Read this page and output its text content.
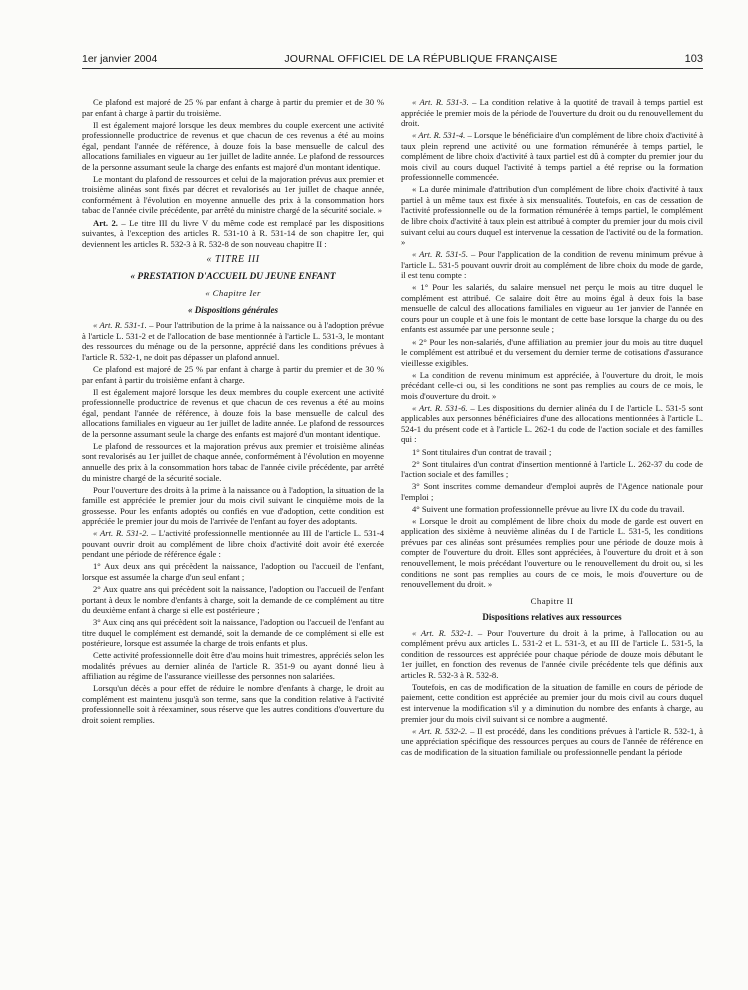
1er janvier 2004	JOURNAL OFFICIEL DE LA RÉPUBLIQUE FRANÇAISE	103

Ce plafond est majoré de 25 % par enfant à charge à partir du premier et de 30 % par enfant à charge à partir du troisième.

Il est également majoré lorsque les deux membres du couple exercent une activité professionnelle productrice de revenus et que chacun de ces revenus a été au moins égal, pendant l'année de référence, à douze fois la base mensuelle de calcul des allocations familiales en vigueur au 1er juillet de ladite année. Le plafond de ressources de la personne assumant seule la charge des enfants est majoré d'un montant identique.

Le montant du plafond de ressources et celui de la majoration prévus aux premier et troisième alinéas sont fixés par décret et revalorisés au 1er juillet de chaque année, conformément à l'évolution en moyenne annuelle des prix à la consommation hors tabac de l'année civile précédente, par arrêté du ministre chargé de la sécurité sociale. »

Art. 2. – Le titre III du livre V du même code est remplacé par les dispositions suivantes, à l'exception des articles R. 531-10 à R. 531-14 de son chapitre Ier, qui deviennent les articles R. 532-3 à R. 532-8 de son nouveau chapitre II :

« TITRE III

« PRESTATION D'ACCUEIL DU JEUNE ENFANT

« Chapitre Ier

« Dispositions générales

« Art. R. 531-1. – Pour l'attribution de la prime à la naissance ou à l'adoption prévue à l'article L. 531-2 et de l'allocation de base mentionnée à l'article L. 531-3, le montant des ressources du ménage ou de la personne, apprécié dans les conditions prévues à l'article R. 532-1, ne doit pas dépasser un plafond annuel.

Ce plafond est majoré de 25 % par enfant à charge à partir du premier et de 30 % par enfant à partir du troisième enfant à charge.

Il est également majoré lorsque les deux membres du couple exercent une activité professionnelle productrice de revenus et que chacun de ces revenus a été au moins égal, pendant l'année de référence, à douze fois la base mensuelle de calcul des allocations familiales en vigueur au 1er juillet de ladite année. Le plafond de ressources de la personne assumant seule la charge des enfants est majoré d'un montant identique.

Le plafond de ressources et la majoration prévus aux premier et troisième alinéas sont revalorisés au 1er juillet de chaque année, conformément à l'évolution en moyenne annuelle des prix à la consommation hors tabac de l'année civile précédente, par arrêté du ministre chargé de la sécurité sociale.

Pour l'ouverture des droits à la prime à la naissance ou à l'adoption, la situation de la famille est appréciée le premier jour du mois civil suivant le cinquième mois de la grossesse. Pour les enfants adoptés ou confiés en vue d'adoption, cette condition est appréciée le premier jour du mois de l'arrivée de l'enfant au foyer des adoptants.

« Art. R. 531-2. – L'activité professionnelle mentionnée au III de l'article L. 531-4 pouvant ouvrir droit au complément de libre choix d'activité doit avoir été exercée pendant une période de référence égale :

1° Aux deux ans qui précèdent la naissance, l'adoption ou l'accueil de l'enfant, lorsque est assumée la charge d'un seul enfant ;

2° Aux quatre ans qui précèdent soit la naissance, l'adoption ou l'accueil de l'enfant portant à deux le nombre d'enfants à charge, soit la demande de ce complément au titre du deuxième enfant à charge si elle est postérieure ;

3° Aux cinq ans qui précèdent soit la naissance, l'adoption ou l'accueil de l'enfant au titre duquel le complément est demandé, soit la demande de ce complément si elle est postérieure, lorsque est assumée la charge de trois enfants et plus.

Cette activité professionnelle doit être d'au moins huit trimestres, appréciés selon les modalités prévues au dernier alinéa de l'article R. 351-9 ou ayant donné lieu à affiliation au régime de l'assurance vieillesse des personnes non salariées.

Lorsqu'un décès a pour effet de réduire le nombre d'enfants à charge, le droit au complément est maintenu jusqu'à son terme, sans que la condition relative à l'activité professionnelle soit à réexaminer, sous réserve que les autres conditions d'ouverture du droit soient remplies.

« Art. R. 531-3. – La condition relative à la quotité de travail à temps partiel est appréciée le premier mois de la période de l'ouverture du droit ou du renouvellement du droit.

« Art. R. 531-4. – Lorsque le bénéficiaire d'un complément de libre choix d'activité à taux plein reprend une activité ou une formation rémunérée à temps partiel, le complément de libre choix d'activité à taux partiel est dû à compter du premier jour du mois civil au cours duquel l'activité à temps partiel a été reprise ou la formation professionnelle commencée.

« La durée minimale d'attribution d'un complément de libre choix d'activité à taux partiel à un même taux est fixée à six mensualités. Toutefois, en cas de cessation de l'activité professionnelle ou de la formation rémunérée à temps partiel, le complément de libre choix d'activité à taux plein est attribué à compter du premier jour du mois civil suivant celui au cours duquel est intervenue la cessation de l'activité ou de la formation. »

« Art. R. 531-5. – Pour l'application de la condition de revenu minimum prévue à l'article L. 531-5 pouvant ouvrir droit au complément de libre choix du mode de garde, il est tenu compte :

« 1° Pour les salariés, du salaire mensuel net perçu le mois au titre duquel le complément est attribué. Ce salaire doit être au moins égal à deux fois la base mensuelle de calcul des allocations familiales en vigueur au 1er janvier de l'année en cours pour un couple et à une fois le montant de cette base lorsque la charge du ou des enfants est assumée par une personne seule ;

« 2° Pour les non-salariés, d'une affiliation au premier jour du mois au titre duquel le complément est attribué et du versement du dernier terme de cotisations d'assurance vieillesse exigibles.

« La condition de revenu minimum est appréciée, à l'ouverture du droit, le mois précédant celle-ci ou, si les conditions ne sont pas remplies au cours de ce mois, le mois d'ouverture du droit. »

« Art. R. 531-6. – Les dispositions du dernier alinéa du I de l'article L. 531-5 sont applicables aux personnes bénéficiaires d'une des allocations mentionnées à l'article L. 524-1 du présent code et à l'article L. 262-1 du code de l'action sociale et des familles qui :

1° Sont titulaires d'un contrat de travail ;

2° Sont titulaires d'un contrat d'insertion mentionné à l'article L. 262-37 du code de l'action sociale et des familles ;

3° Sont inscrites comme demandeur d'emploi auprès de l'Agence nationale pour l'emploi ;

4° Suivent une formation professionnelle prévue au livre IX du code du travail.

« Lorsque le droit au complément de libre choix du mode de garde est ouvert en application des sixième à neuvième alinéas du I de l'article L. 531-5, les conditions prévues par ces alinéas sont présumées remplies pour une période de douze mois à compter de l'ouverture du droit. Elles sont appréciées, à l'ouverture du droit et à son renouvellement, le mois précédant l'ouverture ou le renouvellement du droit ou, si les conditions ne sont pas remplies au cours de ce mois, le mois d'ouverture ou de renouvellement du droit. »

Chapitre II

Dispositions relatives aux ressources

« Art. R. 532-1. – Pour l'ouverture du droit à la prime, à l'allocation ou au complément prévu aux articles L. 531-2 et L. 531-3, et au III de l'article L. 531-5, la condition de ressources est appréciée pour chaque période de douze mois débutant le 1er juillet, en fonction des revenus de l'année civile précédente tels que définis aux articles R. 532-3 à R. 532-8.

Toutefois, en cas de modification de la situation de famille en cours de période de paiement, cette condition est appréciée au premier jour du mois civil au cours duquel est intervenue la modification s'il y a diminution du nombre des enfants à charge, au premier jour du mois civil suivant si ce nombre a augmenté.

« Art. R. 532-2. – Il est procédé, dans les conditions prévues à l'article R. 532-1, à une appréciation spécifique des ressources perçues au cours de l'année de référence en cas de modification de la situation familiale ou professionnelle pendant la période
